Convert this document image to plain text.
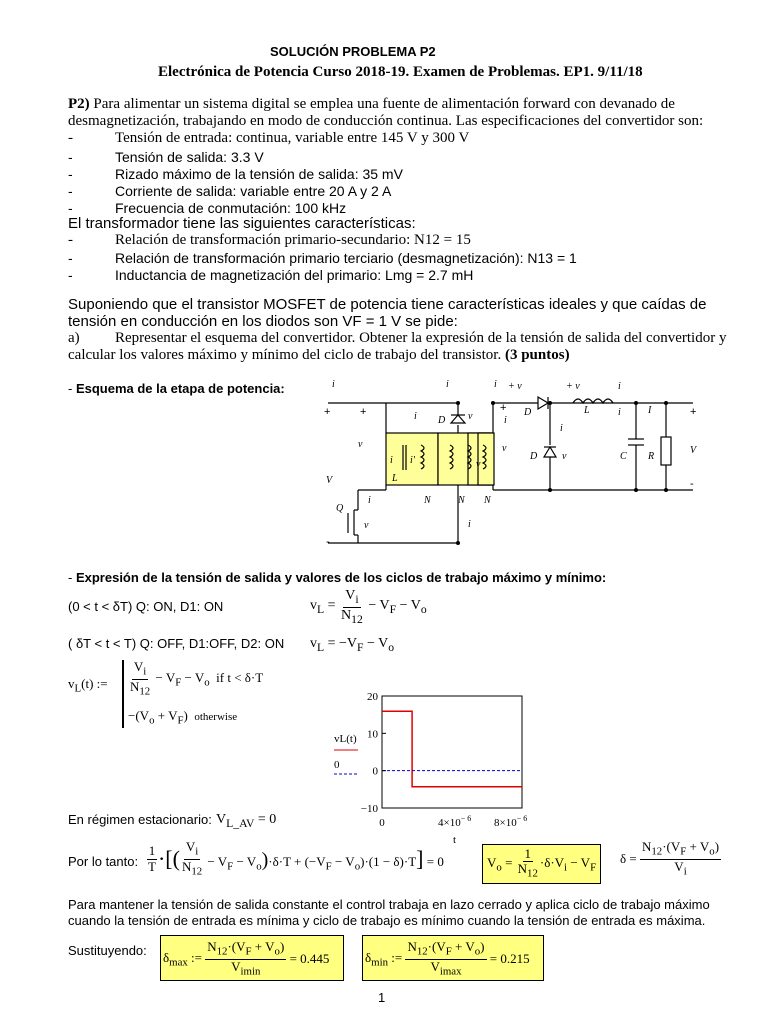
SOLUCIÓN PROBLEMA P2
Electrónica de Potencia Curso 2018-19. Examen de Problemas. EP1. 9/11/18
P2) Para alimentar un sistema digital se emplea una fuente de alimentación forward con devanado de
desmagnetización, trabajando en modo de conducción continua. Las especificaciones del convertidor son:
-	Tensión de entrada: continua, variable entre 145 V y 300 V
-	Tensión de salida: 3.3 V
-	Rizado máximo de la tensión de salida: 35 mV
-	Corriente de salida: variable entre 20 A y 2 A
-	Frecuencia de conmutación: 100 kHz
El transformador tiene las siguientes características:
-	Relación de transformación primario-secundario: N12 = 15
-	Relación de transformación primario terciario (desmagnetización): N13 = 1
-	Inductancia de magnetización del primario: Lmg = 2.7 mH
Suponiendo que el transistor MOSFET de potencia tiene características ideales y que caídas de
tensión en conducción en los diodos son VF = 1 V se pide:
a) Representar el esquema del convertidor. Obtener la expresión de la tensión de salida del convertidor y
calcular los valores máximo y mínimo del ciclo de trabajo del transistor. (3 puntos)
- Esquema de la etapa de potencia:	i	i	i + v	+ v	i
i D v	i
D	L	i	I
v	v
i i'	v
i
D v	C R
V
V	L
N	N N
Q
i
v	i
+	+	+	+
-
-
- Expresión de la tensión de salida y valores de los ciclos de trabajo máximo y mínimo:
(0 < t < δT) Q: ON, D1: ON	$v_L = \frac{V_i}{N_{12}} - V_F - V_o$
( δT < t < T) Q: OFF, D1:OFF, D2: ON $v_L = -V_F - V_o$
$v_L(t)$ := $\frac{V_i}{N_{12}} - V_F - V_o$ if t < δ·T
$-(V_o + V_F)$  otherwise
20
10
0
−10
0	$4\times 10^{- 6}$ $8\times 10^{- 6}$
vL(t)
0
t
En régimen estacionario: $V_{L\_AV} = 0$
Por lo tanto: $\frac{1}{T}$ ·[( $\frac{V_i}{N_{12}} - V_F - V_o)\cdot\delta\cdot T + (-V_F - V_o)\cdot(1 - \delta)\cdot T] = 0$	$V_o = \frac{1}{N_{12}} \cdot\delta\cdot V_i - V_F$
$\delta = \frac{N_{12}\cdot(V_F + V_o)}{V_i}$
Para mantener la tensión de salida constante el control trabaja en lazo cerrado y aplica ciclo de trabajo máximo
cuando la tensión de entrada es mínima y ciclo de trabajo es mínimo cuando la tensión de entrada es máxima.
Sustituyendo: $\delta_{max}$ := $\frac{N_{12}\cdot(V_F + V_o)}{V_{imin}} = 0.445$	$\delta_{min}$ := $\frac{N_{12}\cdot(V_F + V_o)}{V_{imax}} = 0.215$
1
